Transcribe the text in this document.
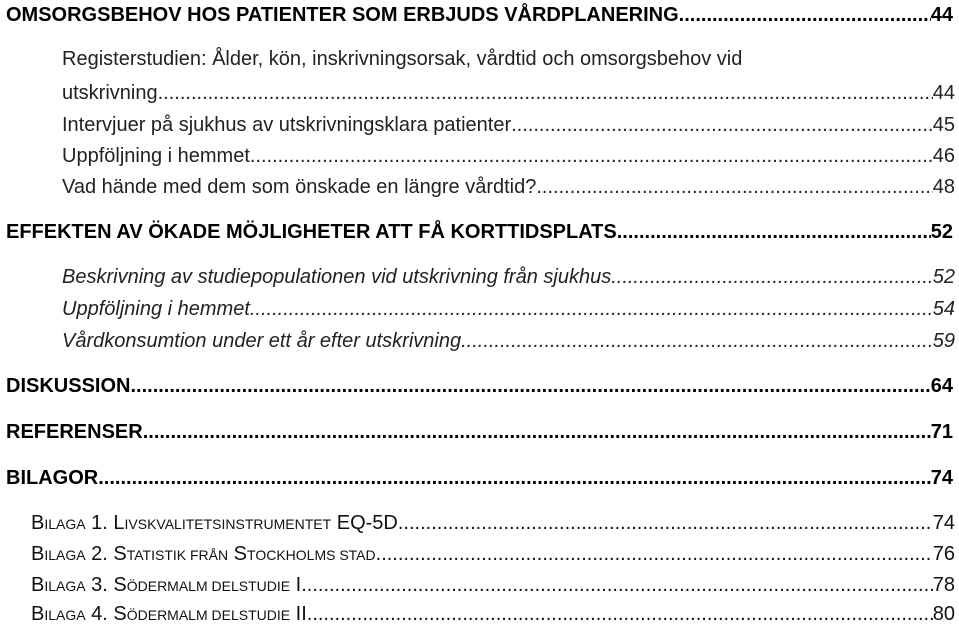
OMSORGSBEHOV HOS PATIENTER SOM ERBJUDS VÅRDPLANERING .....	44
Registerstudien: Ålder, kön, inskrivningsorsak, vårdtid och omsorgsbehov vid
utskrivning .....	44
Intervjuer på sjukhus av utskrivningsklara patienter .....	45
Uppföljning i hemmet .....	46
Vad hände med dem som önskade en längre vårdtid? .....	48
EFFEKTEN AV ÖKADE MÖJLIGHETER ATT FÅ KORTTIDSPLATS .....	52
Beskrivning av studiepopulationen vid utskrivning från sjukhus .....	52
Uppföljning i hemmet .....	54
Vårdkonsumtion under ett år efter utskrivning .....	59
DISKUSSION .....	64
REFERENSER .....	71
BILAGOR .....	74
BILAGA 1. LIVSKVALITETSINSTRUMENTET EQ-5D .....	74
BILAGA 2. STATISTIK FRÅN STOCKHOLMS STAD .....	76
BILAGA 3. SÖDERMALM DELSTUDIE I .....	78
BILAGA 4. SÖDERMALM DELSTUDIE II .....	80
